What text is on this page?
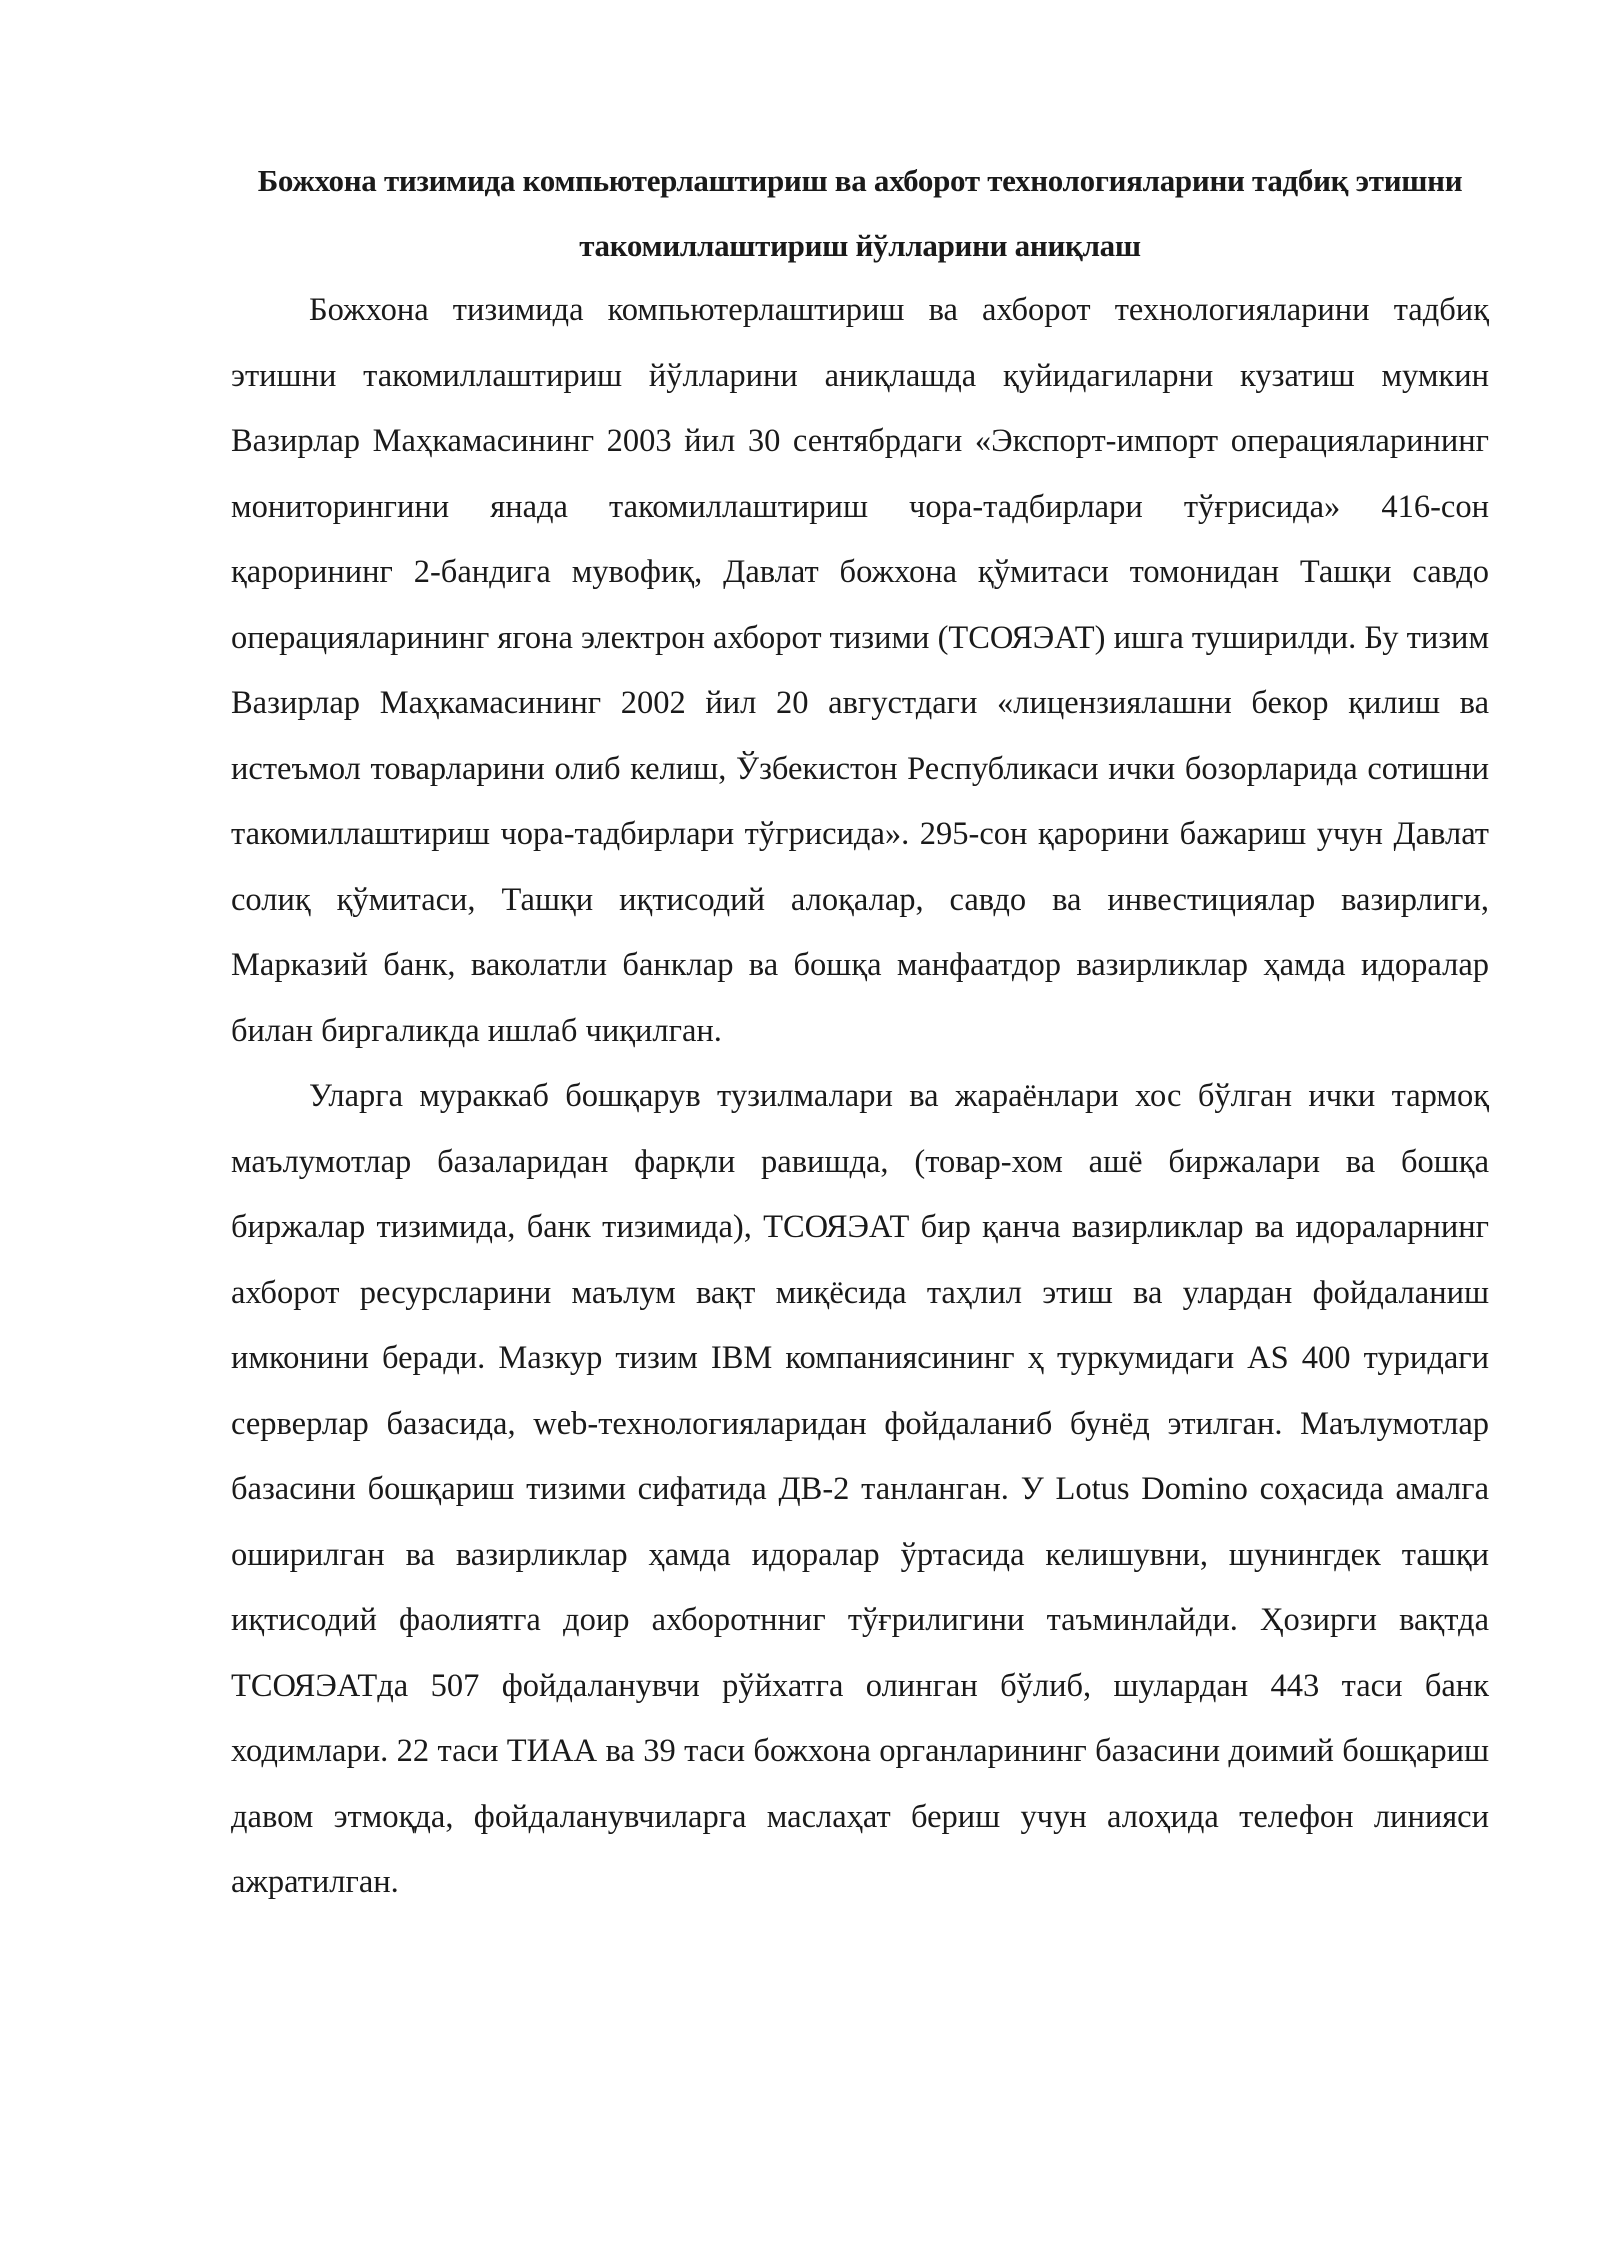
Божхона тизимида компьютерлаштириш ва ахборот технологияларини тадбиқ этишни такомиллаштириш йўлларини аниқлаш

Божхона тизимида компьютерлаштириш ва ахборот технологияларини тадбиқ этишни такомиллаштириш йўлларини аниқлашда қуйидагиларни кузатиш мумкин Вазирлар Маҳкамасининг 2003 йил 30 сентябрдаги «Экспорт-импорт операцияларининг мониторингини янада такомиллаштириш чора-тадбирлари тўғрисида» 416-сон қарорининг 2-бандига мувофиқ, Давлат божхона қўмитаси томонидан Ташқи савдо операцияларининг ягона электрон ахборот тизими (ТСОЯЭАТ) ишга туширилди. Бу тизим Вазирлар Маҳкамасининг 2002 йил 20 августдаги «лицензиялашни бекор қилиш ва истеъмол товарларини олиб келиш, Ўзбекистон Республикаси ички бозорларида сотишни такомиллаштириш чора-тадбирлари тўгрисида». 295-сон қарорини бажариш учун Давлат солиқ қўмитаси, Ташқи иқтисодий алоқалар, савдо ва инвестициялар вазирлиги, Марказий банк, ваколатли банклар ва бошқа манфаатдор вазирликлар ҳамда идоралар билан биргаликда ишлаб чиқилган.

Уларга мураккаб бошқарув тузилмалари ва жараёнлари хос бўлган ички тармоқ маълумотлар базаларидан фарқли равишда, (товар-хом ашё биржалари ва бошқа биржалар тизимида, банк тизимида), ТСОЯЭАТ бир қанча вазирликлар ва идораларнинг ахборот ресурсларини маълум вақт миқёсида таҳлил этиш ва улардан фойдаланиш имконини беради. Мазкур тизим IBM компаниясининг ҳ туркумидаги AS 400 туридаги серверлар базасида, web-технологияларидан фойдаланиб бунёд этилган. Маълумотлар базасини бошқариш тизими сифатида ДВ-2 танланган. У Lotus Domino соҳасида амалга оширилган ва вазирликлар ҳамда идоралар ўртасида келишувни, шунингдек ташқи иқтисодий фаолиятга доир ахборотнниг тўғрилигини таъминлайди. Ҳозирги вақтда ТСОЯЭАТда 507 фойдаланувчи рўйхатга олинган бўлиб, шулардан 443 таси банк ходимлари. 22 таси ТИАА ва 39 таси божхона органларининг базасини доимий бошқариш давом этмоқда, фойдаланувчиларга маслаҳат бериш учун алоҳида телефон линияси ажратилган.
